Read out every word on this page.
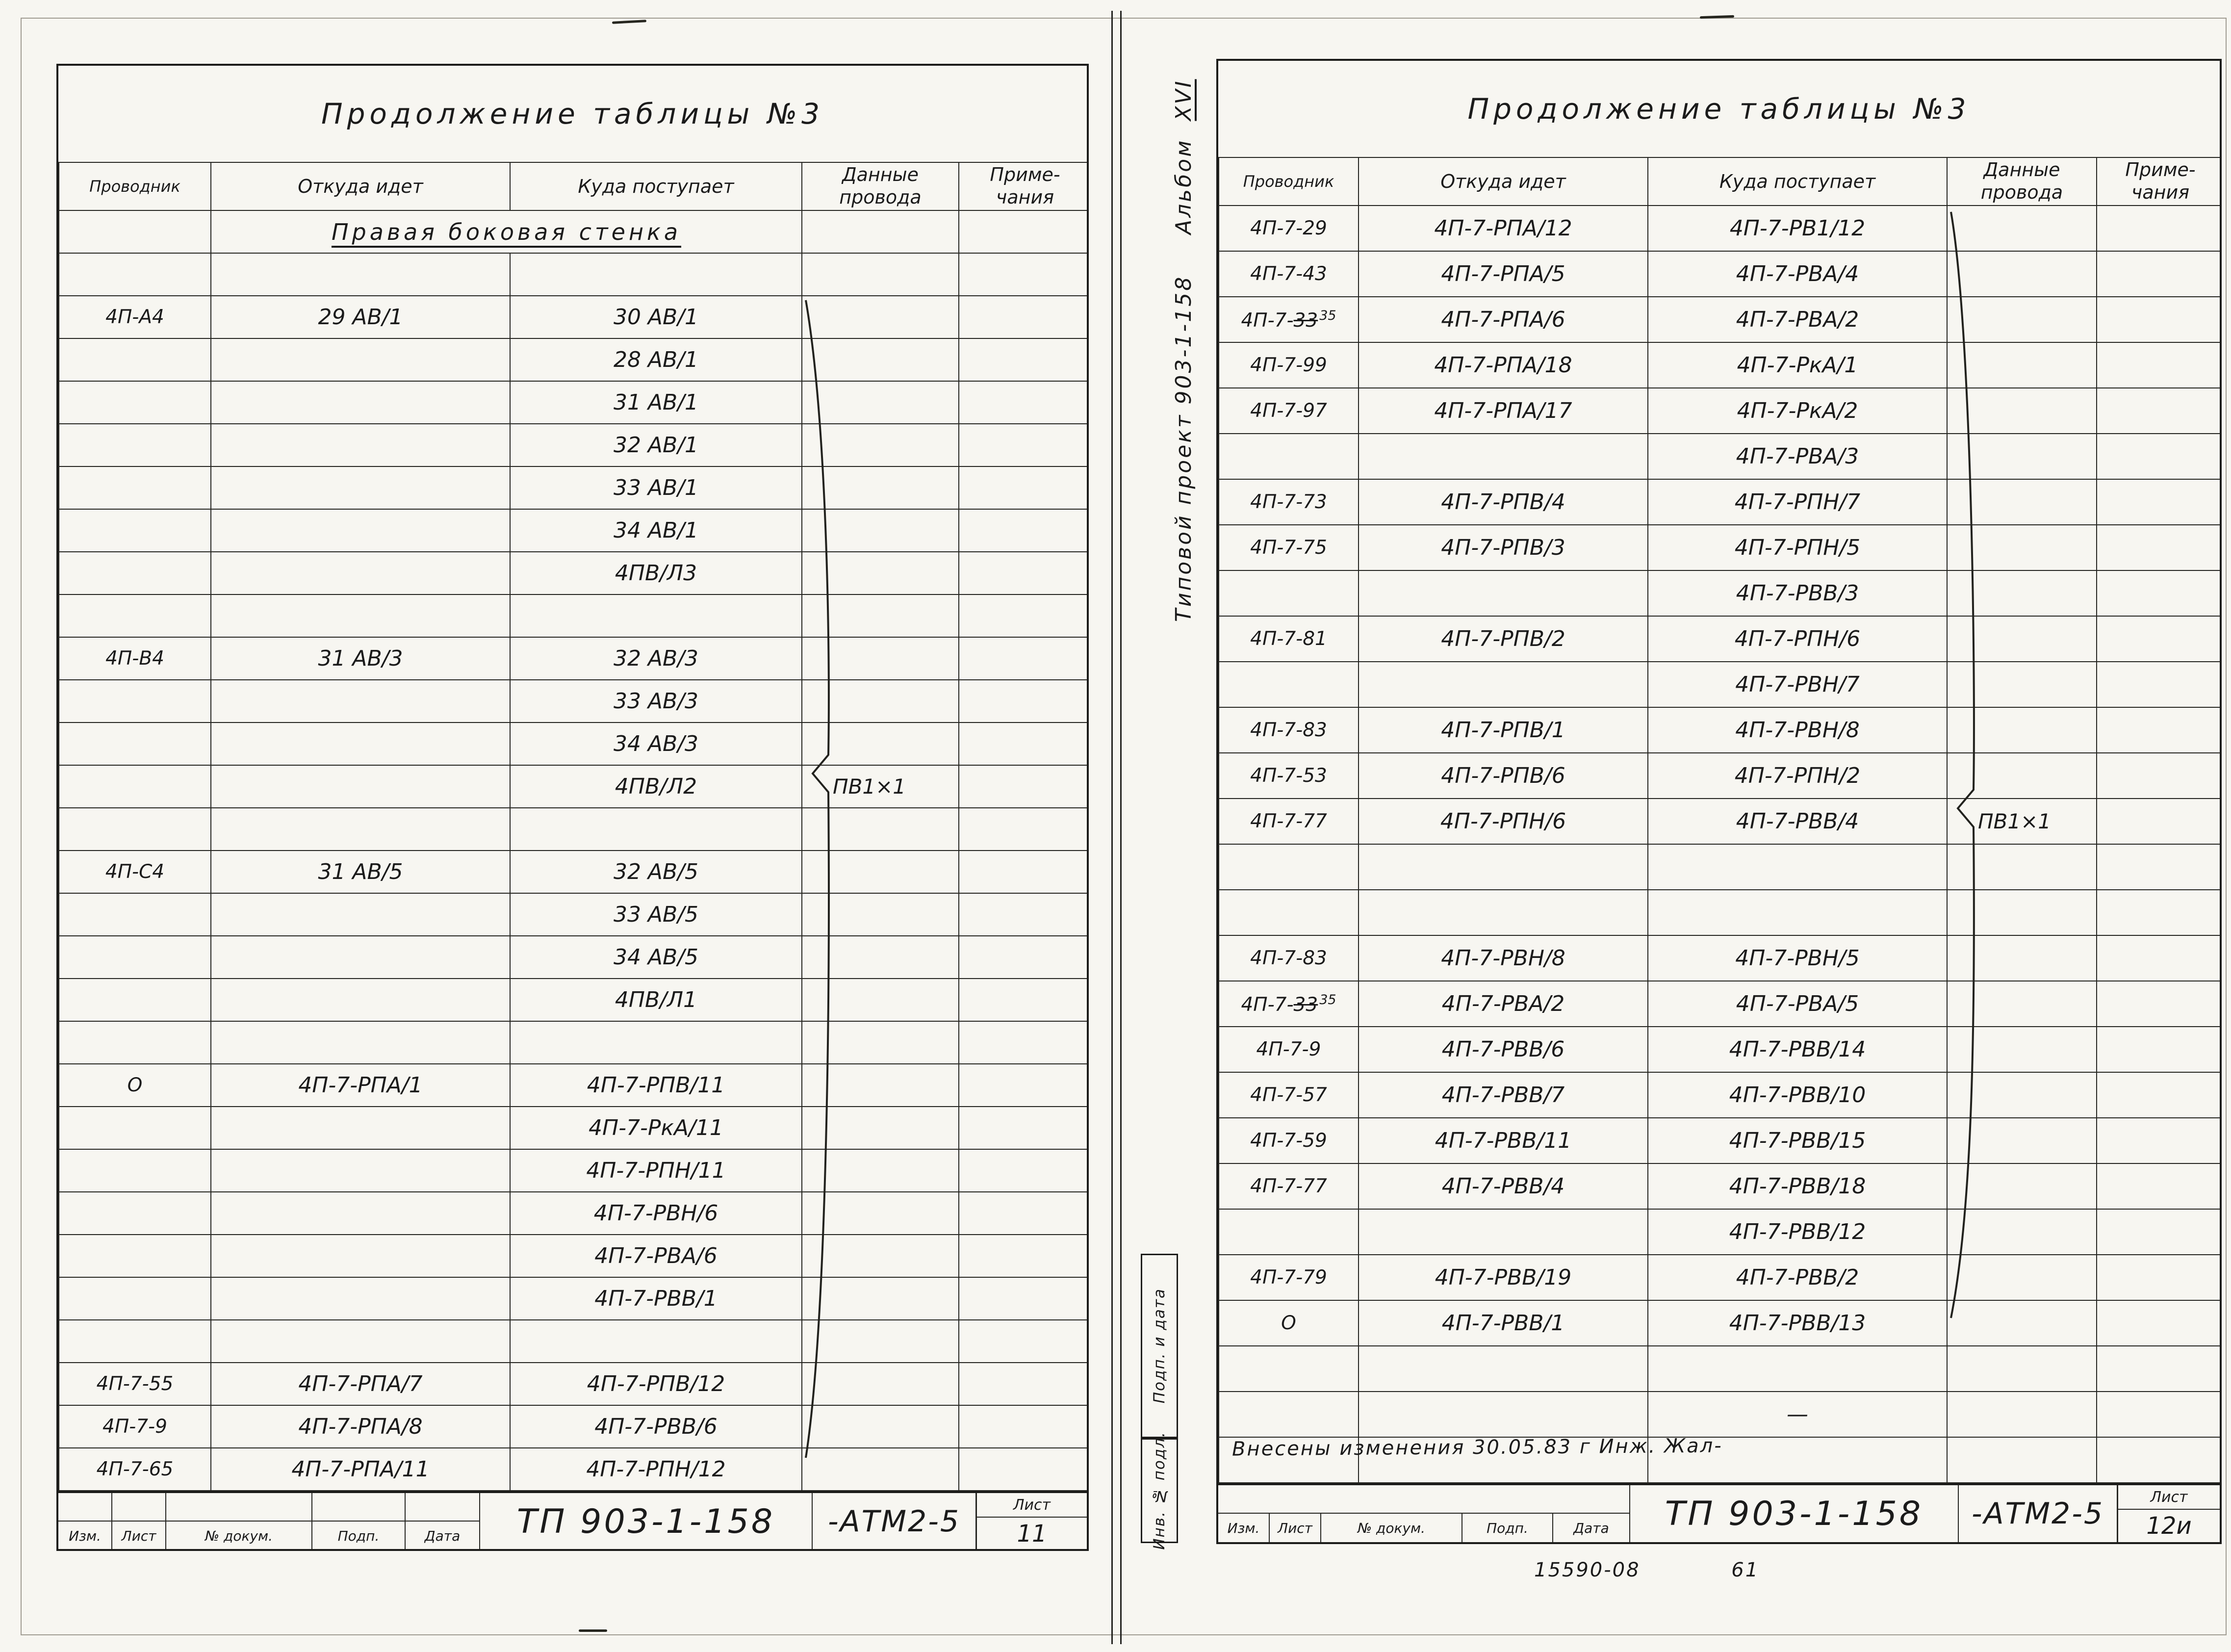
Продолжение таблицы №3
Проводник	Откуда идет	Куда поступает	Данные провода	Приме-чания
	Правая боковая стенка			

4П-А4	29 АВ/1	30 АВ/1		
		28 АВ/1		
		31 АВ/1		
		32 АВ/1		
		33 АВ/1		
		34 АВ/1		
		4ПВ/Л3		

4П-В4	31 АВ/3	32 АВ/3		
		33 АВ/3		
		34 АВ/3		
		4ПВ/Л2	ПВ1×1	

4П-С4	31 АВ/5	32 АВ/5		
		33 АВ/5		
		34 АВ/5		
		4ПВ/Л1		

О	4П-7-РПА/1	4П-7-РПВ/11		
		4П-7-РкА/11		
		4П-7-РПН/11		
		4П-7-РВН/6		
		4П-7-РВА/6		
		4П-7-РВВ/1		

4П-7-55	4П-7-РПА/7	4П-7-РПВ/12		
4П-7-9	4П-7-РПА/8	4П-7-РВВ/6		
4П-7-65	4П-7-РПА/11	4П-7-РПН/12		
Изм.	Лист	№ докум.	Подп.	Дата	ТП 903-1-158	-АТМ2-5	Лист
11
Продолжение таблицы №3
Проводник	Откуда идет	Куда поступает	Данные провода	Приме-чания
4П-7-29	4П-7-РПА/12	4П-7-РВ1/12		
4П-7-43	4П-7-РПА/5	4П-7-РВА/4		
4П-7-33 $^{35}$	4П-7-РПА/6	4П-7-РВА/2		
4П-7-99	4П-7-РПА/18	4П-7-РкА/1		
4П-7-97	4П-7-РПА/17	4П-7-РкА/2		
		4П-7-РВА/3		
4П-7-73	4П-7-РПВ/4	4П-7-РПН/7		
4П-7-75	4П-7-РПВ/3	4П-7-РПН/5		
		4П-7-РВВ/3		
4П-7-81	4П-7-РПВ/2	4П-7-РПН/6		
		4П-7-РВН/7		
4П-7-83	4П-7-РПВ/1	4П-7-РВН/8		
4П-7-53	4П-7-РПВ/6	4П-7-РПН/2		
4П-7-77	4П-7-РПН/6	4П-7-РВВ/4	ПВ1×1	

4П-7-83	4П-7-РВН/8	4П-7-РВН/5		
4П-7-33 $^{35}$	4П-7-РВА/2	4П-7-РВА/5		
4П-7-9	4П-7-РВВ/6	4П-7-РВВ/14		
4П-7-57	4П-7-РВВ/7	4П-7-РВВ/10		
4П-7-59	4П-7-РВВ/11	4П-7-РВВ/15		
4П-7-77	4П-7-РВВ/4	4П-7-РВВ/18		
		4П-7-РВВ/12		
4П-7-79	4П-7-РВВ/19	4П-7-РВВ/2		
О	4П-7-РВВ/1	4П-7-РВВ/13		

		—		

Внесены изменения 30.05.83 г Инж. Жал-
Изм.	Лист	№ докум.	Подп.	Дата	ТП 903-1-158	-АТМ2-5	Лист
12и
Альбом  XVI
Типовой проект 903-1-158
Подп. и дата
Инв. № подл.
15590-08	61
